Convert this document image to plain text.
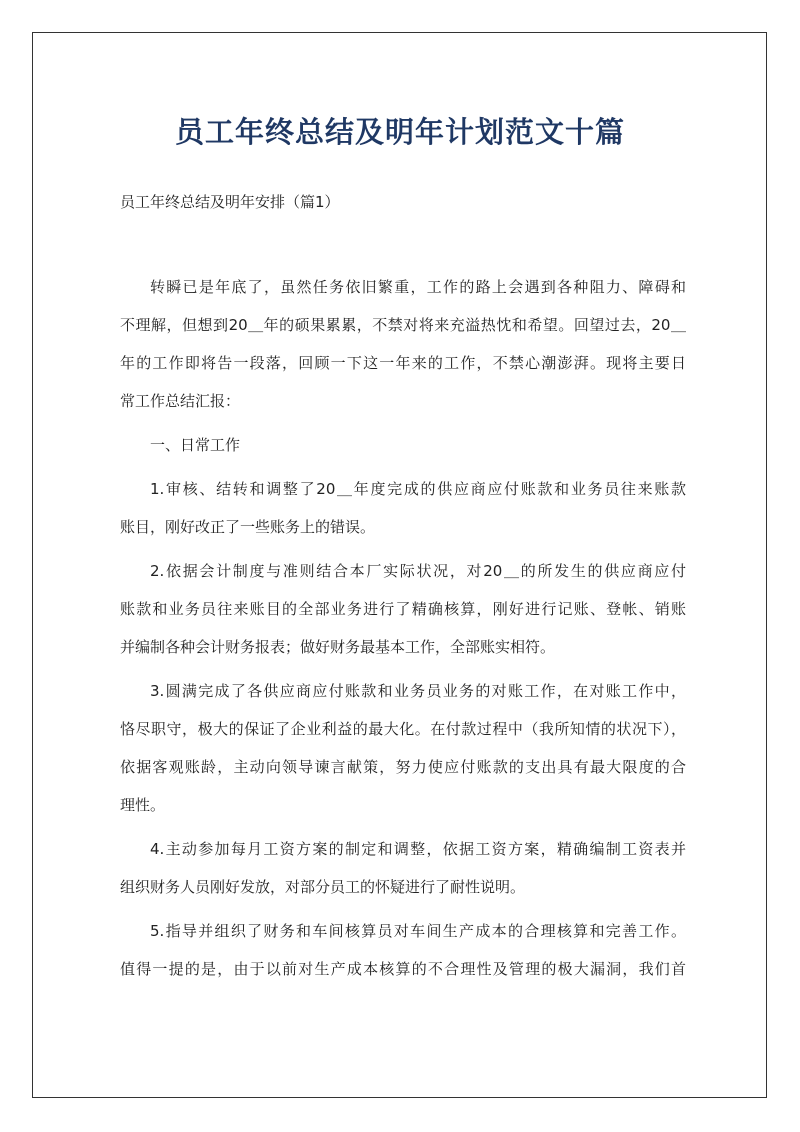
员工年终总结及明年计划范文十篇
员工年终总结及明年安排（篇1）

转瞬已是年底了，虽然任务依旧繁重，工作的路上会遇到各种阻力、障碍和
不理解，但想到20＿年的硕果累累，不禁对将来充溢热忱和希望。回望过去，20＿
年的工作即将告一段落，回顾一下这一年来的工作，不禁心潮澎湃。现将主要日
常工作总结汇报：

一、日常工作

1.审核、结转和调整了20＿年度完成的供应商应付账款和业务员往来账款
账目，刚好改正了一些账务上的错误。

2.依据会计制度与准则结合本厂实际状况，对20＿的所发生的供应商应付
账款和业务员往来账目的全部业务进行了精确核算，刚好进行记账、登帐、销账
并编制各种会计财务报表；做好财务最基本工作，全部账实相符。

3.圆满完成了各供应商应付账款和业务员业务的对账工作，在对账工作中，
恪尽职守，极大的保证了企业利益的最大化。在付款过程中（我所知情的状况下），
依据客观账龄，主动向领导谏言献策，努力使应付账款的支出具有最大限度的合
理性。

4.主动参加每月工资方案的制定和调整，依据工资方案，精确编制工资表并
组织财务人员刚好发放，对部分员工的怀疑进行了耐性说明。

5.指导并组织了财务和车间核算员对车间生产成本的合理核算和完善工作。
值得一提的是，由于以前对生产成本核算的不合理性及管理的极大漏洞，我们首
